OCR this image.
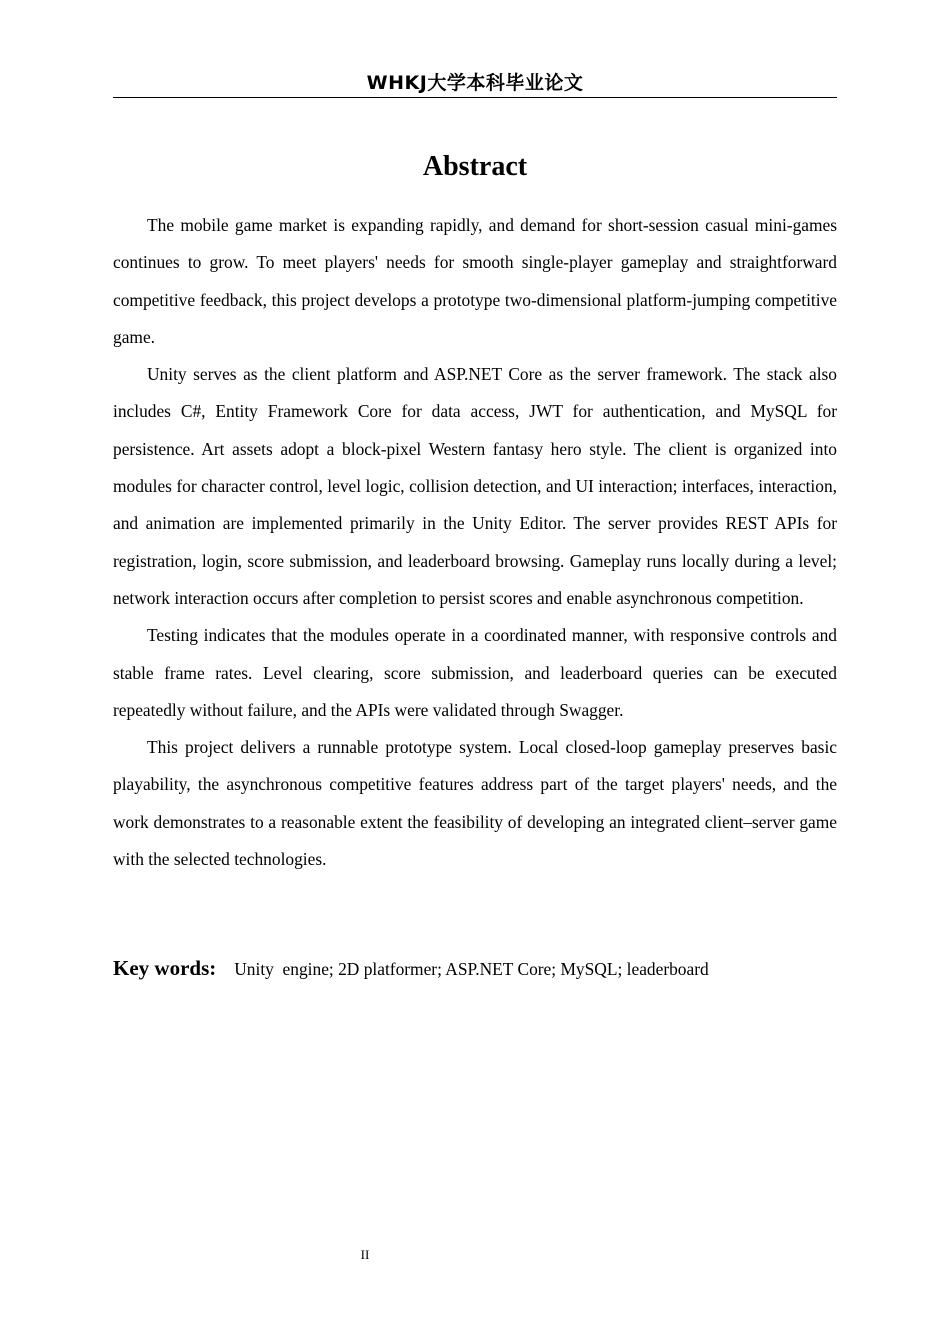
WHKJ大学本科毕业论文
Abstract

The mobile game market is expanding rapidly, and demand for short-session casual mini-games continues to grow. To meet players' needs for smooth single-player gameplay and straightforward competitive feedback, this project develops a prototype two-dimensional platform-jumping competitive game.

Unity serves as the client platform and ASP.NET Core as the server framework. The stack also includes C#, Entity Framework Core for data access, JWT for authentication, and MySQL for persistence. Art assets adopt a block-pixel Western fantasy hero style. The client is organized into modules for character control, level logic, collision detection, and UI interaction; interfaces, interaction, and animation are implemented primarily in the Unity Editor. The server provides REST APIs for registration, login, score submission, and leaderboard browsing. Gameplay runs locally during a level; network interaction occurs after completion to persist scores and enable asynchronous competition.

Testing indicates that the modules operate in a coordinated manner, with responsive controls and stable frame rates. Level clearing, score submission, and leaderboard queries can be executed repeatedly without failure, and the APIs were validated through Swagger.

This project delivers a runnable prototype system. Local closed-loop gameplay preserves basic playability, the asynchronous competitive features address part of the target players' needs, and the work demonstrates to a reasonable extent the feasibility of developing an integrated client–server game with the selected technologies.

Key words: Unity  engine; 2D platformer; ASP.NET Core; MySQL; leaderboard
II
